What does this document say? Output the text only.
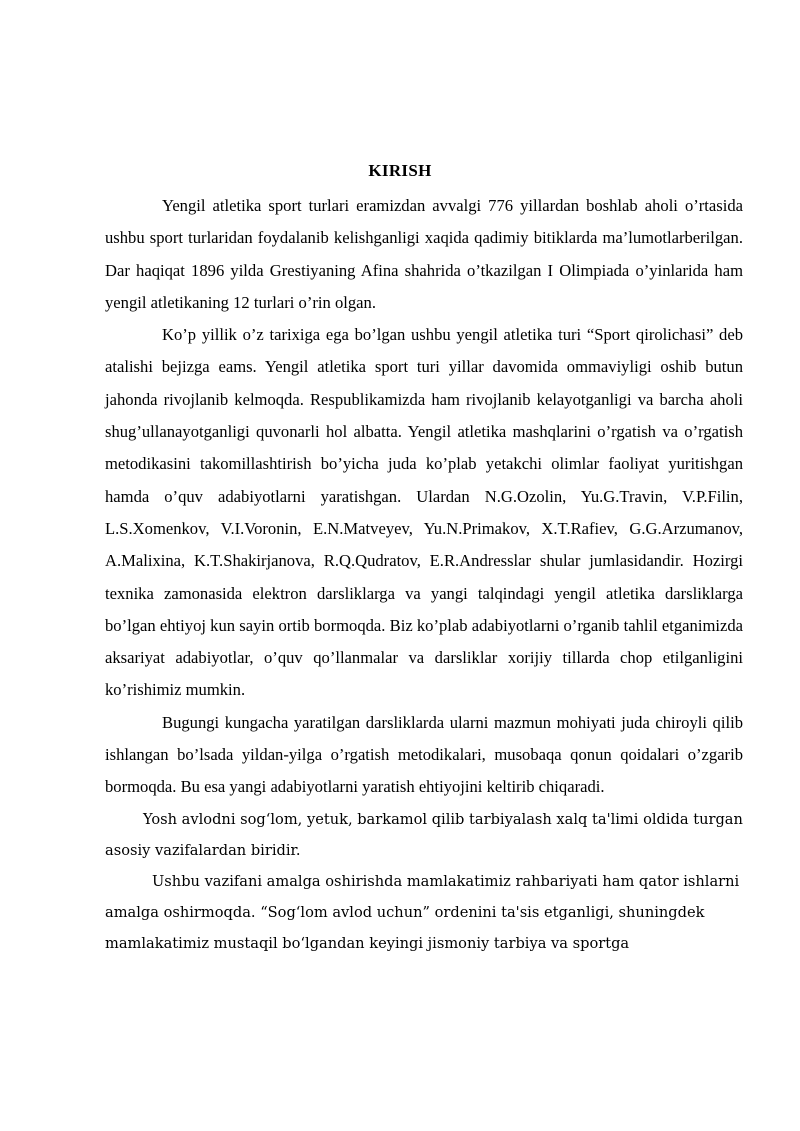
KIRISH

Yengil atletika sport turlari eramizdan avvalgi 776 yillardan boshlab aholi o’rtasida ushbu sport turlaridan foydalanib kelishganligi xaqida qadimiy bitiklarda ma’lumotlarberilgan. Dar haqiqat 1896 yilda Grestiyaning Afina shahrida o’tkazilgan I Olimpiada o’yinlarida ham yengil atletikaning 12 turlari o’rin olgan.

Ko’p yillik o’z tarixiga ega bo’lgan ushbu yengil atletika turi “Sport qirolichasi” deb atalishi bejizga eams. Yengil atletika sport turi yillar davomida ommaviyligi oshib butun jahonda rivojlanib kelmoqda. Respublikamizda ham rivojlanib kelayotganligi va barcha aholi shug’ullanayotganligi quvonarli hol albatta. Yengil atletika mashqlarini o’rgatish va o’rgatish metodikasini takomillashtirish bo’yicha juda ko’plab yetakchi olimlar faoliyat yuritishgan hamda o’quv adabiyotlarni yaratishgan. Ulardan N.G.Ozolin, Yu.G.Travin, V.P.Filin, L.S.Xomenkov, V.I.Voronin, E.N.Matveyev, Yu.N.Primakov, X.T.Rafiev, G.G.Arzumanov, A.Malixina, K.T.Shakirjanova, R.Q.Qudratov, E.R.Andresslar shular jumlasidandir. Hozirgi texnika zamonasida elektron darsliklarga va yangi talqindagi yengil atletika darsliklarga bo’lgan ehtiyoj kun sayin ortib bormoqda. Biz ko’plab adabiyotlarni o’rganib tahlil etganimizda aksariyat adabiyotlar, o’quv qo’llanmalar va darsliklar xorijiy tillarda chop etilganligini ko’rishimiz mumkin.

Bugungi kungacha yaratilgan darsliklarda ularni mazmun mohiyati juda chiroyli qilib ishlangan bo’lsada yildan-yilga o’rgatish metodikalari, musobaqa qonun qoidalari o’zgarib bormoqda. Bu esa yangi adabiyotlarni yaratish ehtiyojini keltirib chiqaradi.

Yosh avlodni sog‘lom, yetuk, barkamol qilib tarbiyalash xalq ta'limi oldida turgan asosiy vazifalardan biridir.

Ushbu vazifani amalga oshirishda mamlakatimiz rahbariyati ham qator ishlarni amalga oshirmoqda. “Sog‘lom avlod uchun” ordenini ta'sis etganligi, shuningdek mamlakatimiz mustaqil bo‘lgandan keyingi jismoniy tarbiya va sportga
